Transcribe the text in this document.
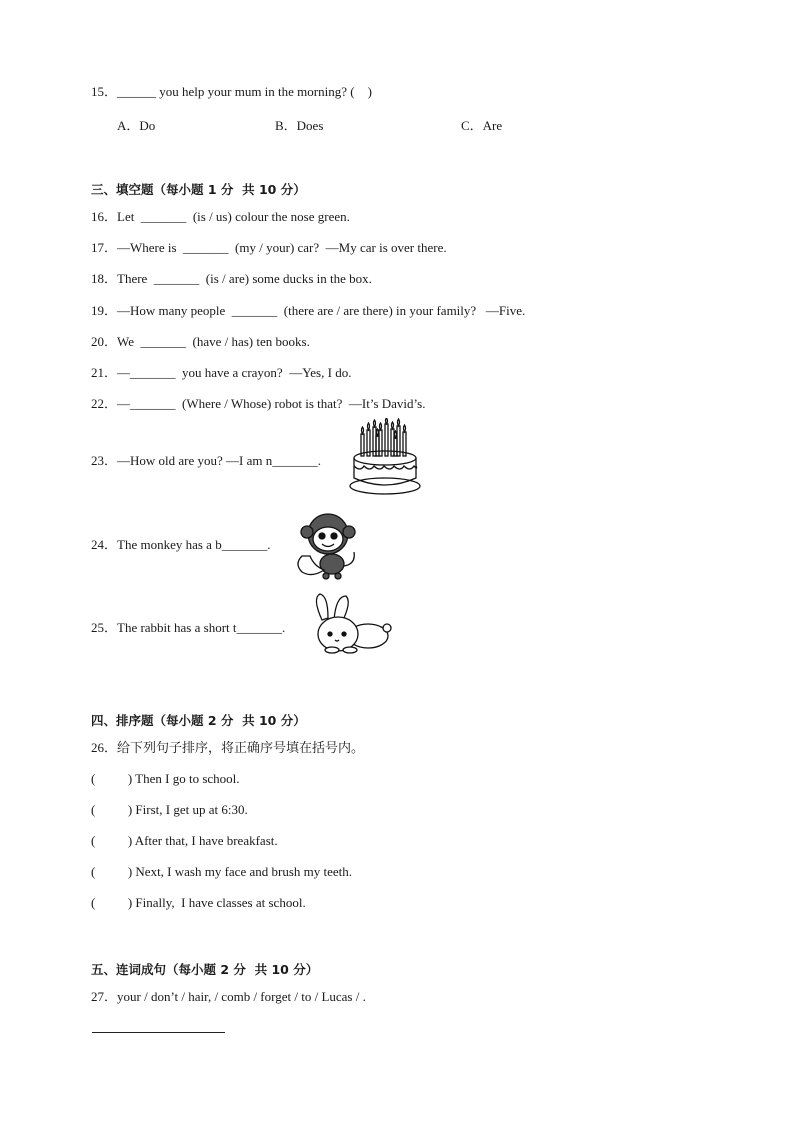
15．______ you help your mum in the morning? (    )
A．Do	B．Does	C．Are
三、填空题（每小题 1 分  共 10 分）
16．Let  _______  (is / us) colour the nose green.
17．—Where is  _______  (my / your) car?  —My car is over there.
18．There  _______  (is / are) some ducks in the box.
19．—How many people  _______  (there are / are there) in your family?   —Five.
20．We  _______  (have / has) ten books.
21．—_______  you have a crayon?  —Yes, I do.
22．—_______  (Where / Whose) robot is that?  —It’s David’s.
23．—How old are you? —I am n_______.
24．The monkey has a b_______.
25．The rabbit has a short t_______.
四、排序题（每小题 2 分  共 10 分）
26．给下列句子排序，将正确序号填在括号内。
(          ) Then I go to school.
(          ) First, I get up at 6:30.
(          ) After that, I have breakfast.
(          ) Next, I wash my face and brush my teeth.
(          ) Finally,  I have classes at school.
五、连词成句（每小题 2 分  共 10 分）
27．your / don’t / hair, / comb / forget / to / Lucas / .
